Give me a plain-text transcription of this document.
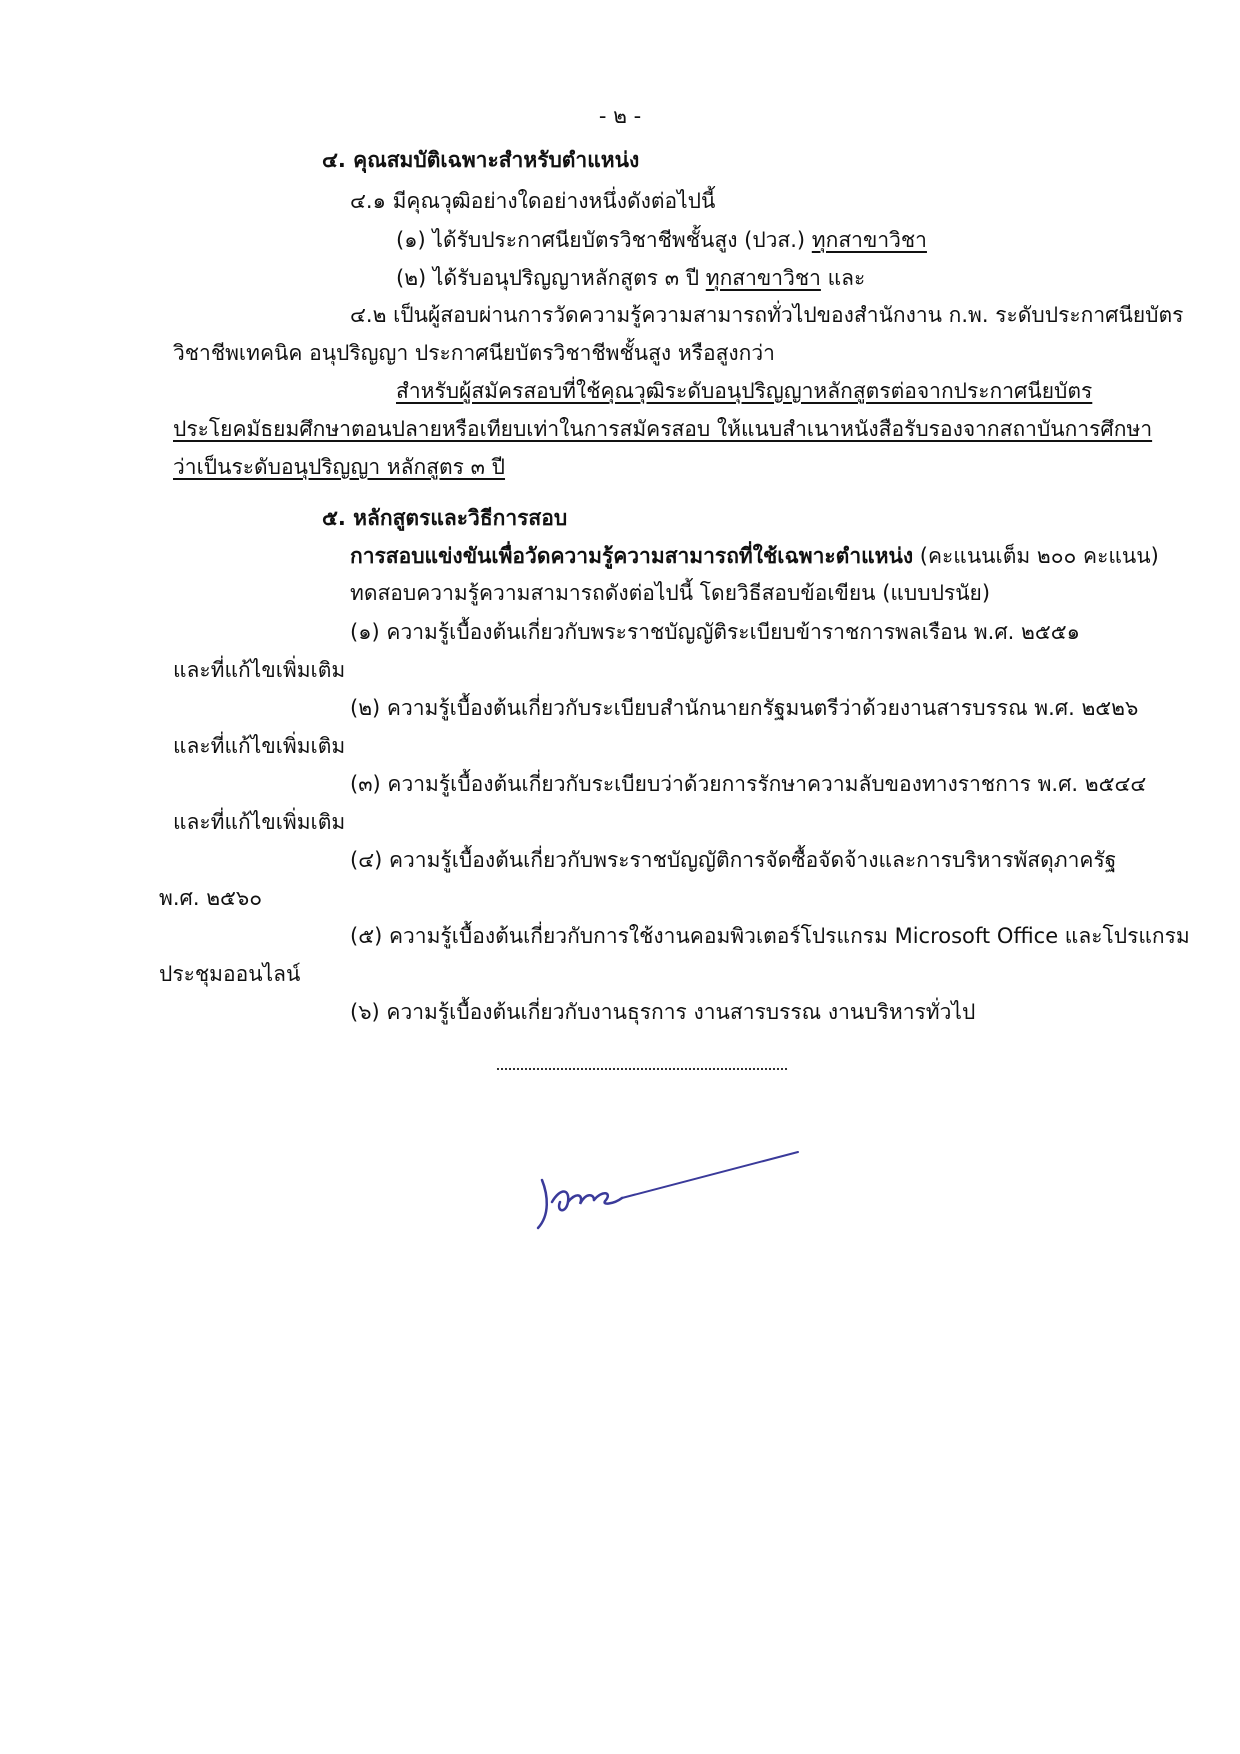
- ๒ -
๔. คุณสมบัติเฉพาะสำหรับตำแหน่ง
๔.๑ มีคุณวุฒิอย่างใดอย่างหนึ่งดังต่อไปนี้
(๑) ได้รับประกาศนียบัตรวิชาชีพชั้นสูง (ปวส.) ทุกสาขาวิชา
(๒) ได้รับอนุปริญญาหลักสูตร ๓ ปี ทุกสาขาวิชา และ
๔.๒ เป็นผู้สอบผ่านการวัดความรู้ความสามารถทั่วไปของสำนักงาน ก.พ. ระดับประกาศนียบัตร
วิชาชีพเทคนิค อนุปริญญา ประกาศนียบัตรวิชาชีพชั้นสูง หรือสูงกว่า
สำหรับผู้สมัครสอบที่ใช้คุณวุฒิระดับอนุปริญญาหลักสูตรต่อจากประกาศนียบัตร
ประโยคมัธยมศึกษาตอนปลายหรือเทียบเท่าในการสมัครสอบ ให้แนบสำเนาหนังสือรับรองจากสถาบันการศึกษา
ว่าเป็นระดับอนุปริญญา หลักสูตร ๓ ปี
๕. หลักสูตรและวิธีการสอบ
การสอบแข่งขันเพื่อวัดความรู้ความสามารถที่ใช้เฉพาะตำแหน่ง (คะแนนเต็ม ๒๐๐ คะแนน)
ทดสอบความรู้ความสามารถดังต่อไปนี้ โดยวิธีสอบข้อเขียน (แบบปรนัย)
(๑) ความรู้เบื้องต้นเกี่ยวกับพระราชบัญญัติระเบียบข้าราชการพลเรือน พ.ศ. ๒๕๕๑
และที่แก้ไขเพิ่มเติม
(๒) ความรู้เบื้องต้นเกี่ยวกับระเบียบสำนักนายกรัฐมนตรีว่าด้วยงานสารบรรณ พ.ศ. ๒๕๒๖
และที่แก้ไขเพิ่มเติม
(๓) ความรู้เบื้องต้นเกี่ยวกับระเบียบว่าด้วยการรักษาความลับของทางราชการ พ.ศ. ๒๕๔๔
และที่แก้ไขเพิ่มเติม
(๔) ความรู้เบื้องต้นเกี่ยวกับพระราชบัญญัติการจัดซื้อจัดจ้างและการบริหารพัสดุภาครัฐ
พ.ศ. ๒๕๖๐
(๕) ความรู้เบื้องต้นเกี่ยวกับการใช้งานคอมพิวเตอร์โปรแกรม Microsoft Office และโปรแกรม
ประชุมออนไลน์
(๖) ความรู้เบื้องต้นเกี่ยวกับงานธุรการ งานสารบรรณ งานบริหารทั่วไป
